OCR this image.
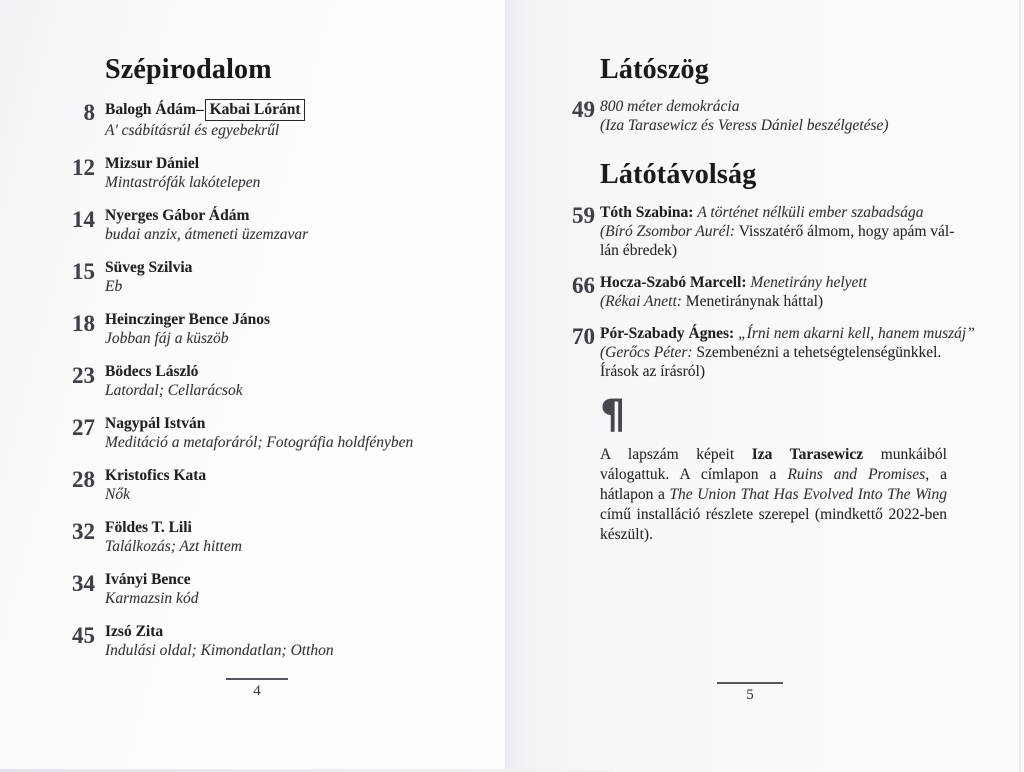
Szépirodalom
8 Balogh Ádám– Kabai Lóránt
A' csábításrúl és egyebekrűl
12 Mizsur Dániel
Mintastrófák lakótelepen
14 Nyerges Gábor Ádám
budai anzix, átmeneti üzemzavar
15 Süveg Szilvia
Eb
18 Heinczinger Bence János
Jobban fáj a küszöb
23 Bödecs László
Latordal; Cellarácsok
27 Nagypál István
Meditáció a metaforáról; Fotográfia holdfényben
28 Kristofics Kata
Nők
32 Földes T. Lili
Találkozás; Azt hittem
34 Iványi Bence
Karmazsin kód
45 Izsó Zita
Indulási oldal; Kimondatlan; Otthon
Látószög
49 800 méter demokrácia
(Iza Tarasewicz és Veress Dániel beszélgetése)
Látótávolság
59 Tóth Szabina: A történet nélküli ember szabadsága
(Bíró Zsombor Aurél: Visszatérő álmom, hogy apám vál-
lán ébredek)
66 Hocza-Szabó Marcell: Menetirány helyett
(Rékai Anett: Menetiránynak háttal)
70 Pór-Szabady Ágnes: „Írni nem akarni kell, hanem muszáj”
(Gerőcs Péter: Szembenézni a tehetségtelenségünkkel.
Írások az írásról)
¶

A lapszám képeit Iza Tarasewicz munkáiból válogattuk. A címlapon a Ruins and Promises, a hátlapon a The Union That Has Evolved Into The Wing című installáció részlete szerepel (mindkettő 2022-ben készült).

4	5
